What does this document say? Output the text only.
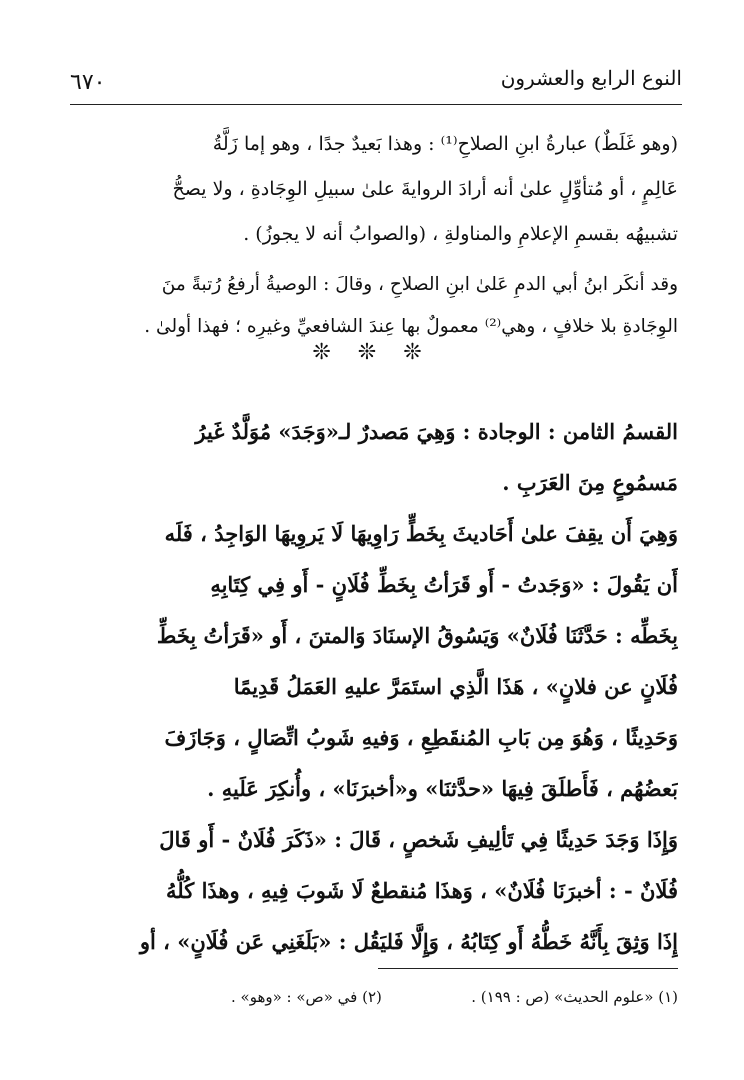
٦٧٠	النوع الرابع والعشرون
(وهو غَلَطٌ) عبارةُ ابنِ الصلاحِ⁽¹⁾ : وهذا بَعيدٌ جدًا ، وهو إما زَلَّةُ
عَالِمٍ ، أو مُتأوِّلٍ علىٰ أنه أرادَ الروايةَ علىٰ سبيلِ الوِجَادةِ ، ولا يصحُّ
تشبيهُه بقسمِ الإعلامِ والمناولةِ ، (والصوابُ أنه لا يجوزُ) .
وقد أنكَر ابنُ أبي الدمِ عَلىٰ ابنِ الصلاحِ ، وقالَ : الوصيةُ أرفعُ رُتبةً منَ
الوِجَادةِ بلا خلافٍ ، وهي⁽²⁾ معمولٌ بها عِندَ الشافعيِّ وغيرِه ؛ فهذا أولىٰ .
❊ ❊ ❊
القسمُ الثامن : الوجادة : وَهِيَ مَصدرٌ لـ«وَجَدَ» مُوَلَّدٌ غَيرُ
مَسمُوعٍ مِنَ العَرَبِ .
وَهِيَ أَن يقِفَ علىٰ أَحَاديثَ بِخَطٍّ رَاوِيهَا لَا يَروِيهَا الوَاجِدُ ، فَلَه
أَن يَقُولَ : «وَجَدتُ - أَو قَرَأتُ بِخَطِّ فُلَانٍ - أَو فِي كِتَابِهِ
بِخَطِّه : حَدَّثَنَا فُلَانٌ» وَيَسُوقُ الإسنَادَ وَالمتنَ ، أَو «قَرَأتُ بِخَطِّ
فُلَانٍ عن فلانٍ» ، هَذَا الَّذِي استَمَرَّ عليهِ العَمَلُ قَدِيمًا
وَحَدِيثًا ، وَهُوَ مِن بَابِ المُنقَطِعِ ، وَفيهِ شَوبُ اتِّصَالٍ ، وَجَازَفَ
بَعضُهُم ، فَأَطلَقَ فِيهَا «حدَّثنَا» و«أخبرَنَا» ، وأُنكِرَ عَلَيهِ .
وَإِذَا وَجَدَ حَدِيثًا فِي تَألِيفِ شَخصٍ ، قَالَ : «ذَكَرَ فُلَانٌ - أَو قَالَ
فُلَانٌ - : أخبرَنَا فُلَانٌ» ، وَهذَا مُنقطعٌ لَا شَوبَ فِيهِ ، وهذَا كُلُّهُ
إِذَا وَثِقَ بِأَنَّهُ خَطُّهُ أَو كِتَابُهُ ، وَإِلَّا فَليَقُل : «بَلَغَنِي عَن فُلَانٍ» ، أو
(١) «علوم الحديث» (ص : ١٩٩) .
(٢) في «ص» : «وهو» .
